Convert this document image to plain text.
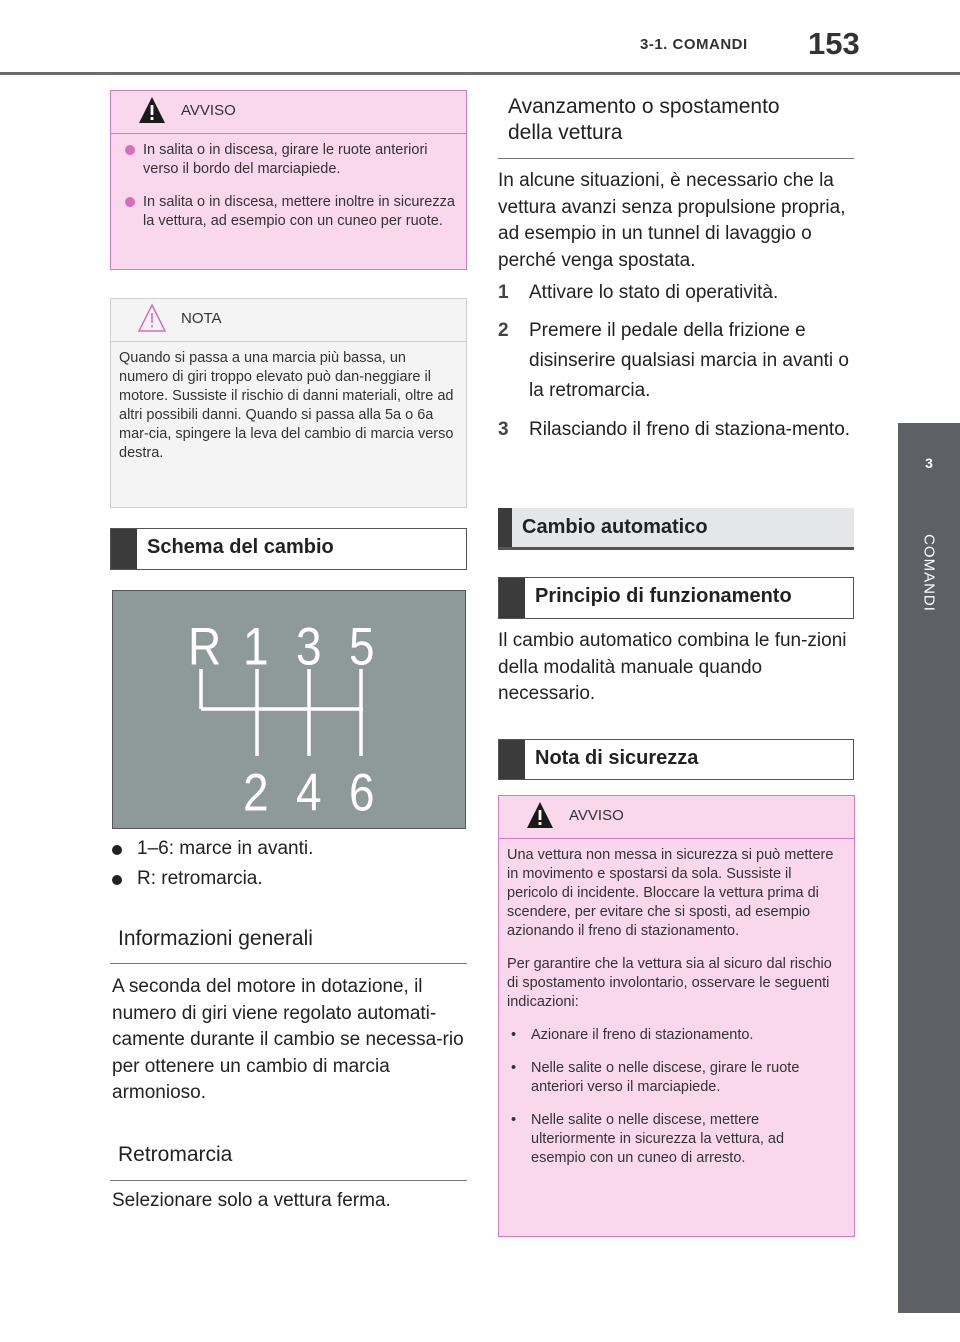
3-1. COMANDI 153
3
COMANDI
AVVISO
In salita o in discesa, girare le ruote anteriori verso il bordo del marciapiede.
In salita o in discesa, mettere inoltre in sicurezza la vettura, ad esempio con un cuneo per ruote.
NOTA
Quando si passa a una marcia più bassa, un numero di giri troppo elevato può dan-neggiare il motore. Sussiste il rischio di danni materiali, oltre ad altri possibili danni. Quando si passa alla 5a o 6a mar-cia, spingere la leva del cambio di marcia verso destra.
Schema del cambio
R 1 3 5
2 4 6
1–6: marce in avanti.
R: retromarcia.
Informazioni generali
A seconda del motore in dotazione, il numero di giri viene regolato automati-camente durante il cambio se necessa-rio per ottenere un cambio di marcia armonioso.
Retromarcia
Selezionare solo a vettura ferma.
Avanzamento o spostamento della vettura
In alcune situazioni, è necessario che la vettura avanzi senza propulsione propria, ad esempio in un tunnel di lavaggio o perché venga spostata.
1 Attivare lo stato di operatività.
2 Premere il pedale della frizione e disinserire qualsiasi marcia in avanti o la retromarcia.
3 Rilasciando il freno di staziona-mento.
Cambio automatico
Principio di funzionamento
Il cambio automatico combina le fun-zioni della modalità manuale quando necessario.
Nota di sicurezza
AVVISO
Una vettura non messa in sicurezza si può mettere in movimento e spostarsi da sola. Sussiste il pericolo di incidente. Bloccare la vettura prima di scendere, per evitare che si sposti, ad esempio azionando il freno di stazionamento.
Per garantire che la vettura sia al sicuro dal rischio di spostamento involontario, osservare le seguenti indicazioni:
• Azionare il freno di stazionamento.
• Nelle salite o nelle discese, girare le ruote anteriori verso il marciapiede.
• Nelle salite o nelle discese, mettere ulteriormente in sicurezza la vettura, ad esempio con un cuneo di arresto.
